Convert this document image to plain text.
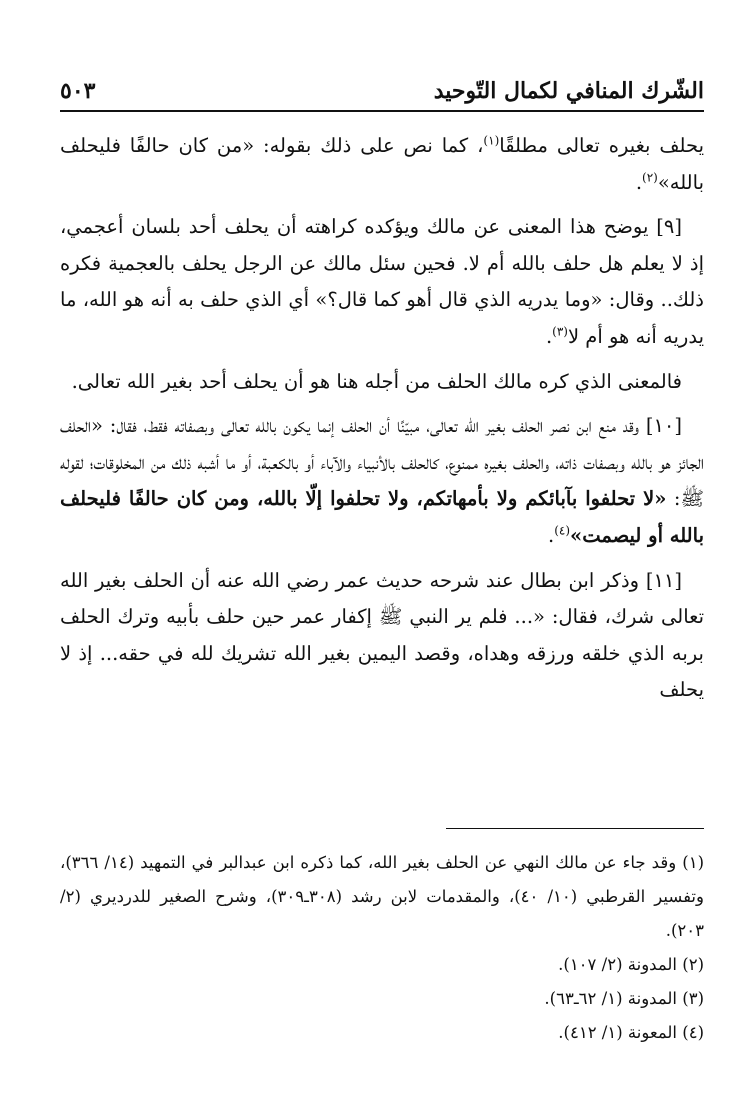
الشّرك المنافي لكمال التّوحيد
٥٠٣

يحلف بغيره تعالى مطلقًا$^{(١)}$، كما نص على ذلك بقوله: «من كان حالفًا فليحلف بالله»$^{(٢)}$.

[٩] يوضح هذا المعنى عن مالك ويؤكده كراهته أن يحلف أحد بلسان أعجمي، إذ لا يعلم هل حلف بالله أم لا. فحين سئل مالك عن الرجل يحلف بالعجمية فكره ذلك.. وقال: «وما يدريه الذي قال أهو كما قال؟» أي الذي حلف به أنه هو الله، ما يدريه أنه هو أم لا$^{(٣)}$.

فالمعنى الذي كره مالك الحلف من أجله هنا هو أن يحلف أحد بغير الله تعالى.

[١٠] وقد منع ابن نصر الحلف بغير الله تعالى، مبيّنًا أن الحلف إنما يكون بالله تعالى وبصفاته فقط، فقال: «الحلف الجائز هو بالله وبصفات ذاته، والحلف بغيره ممنوع، كالحلف بالأنبياء والآباء أو بالكعبة، أو ما أشبه ذلك من المخلوقات؛ لقوله ﷺ: «لا تحلفوا بآبائكم ولا بأمهاتكم، ولا تحلفوا إلّا بالله، ومن كان حالفًا فليحلف بالله أو ليصمت»$^{(٤)}$.

[١١] وذكر ابن بطال عند شرحه حديث عمر رضي الله عنه أن الحلف بغير الله تعالى شرك، فقال: «... فلم ير النبي ﷺ إكفار عمر حين حلف بأبيه وترك الحلف بربه الذي خلقه ورزقه وهداه، وقصد اليمين بغير الله تشريك لله في حقه... إذ لا يحلف

(١) وقد جاء عن مالك النهي عن الحلف بغير الله، كما ذكره ابن عبدالبر في التمهيد (١٤/ ٣٦٦)، وتفسير القرطبي (١٠/ ٤٠)، والمقدمات لابن رشد (٣٠٨ـ٣٠٩)، وشرح الصغير للدرديري (٢/ ٢٠٣).

(٢) المدونة (٢/ ١٠٧).

(٣) المدونة (١/ ٦٢ـ٦٣).

(٤) المعونة (١/ ٤١٢).
